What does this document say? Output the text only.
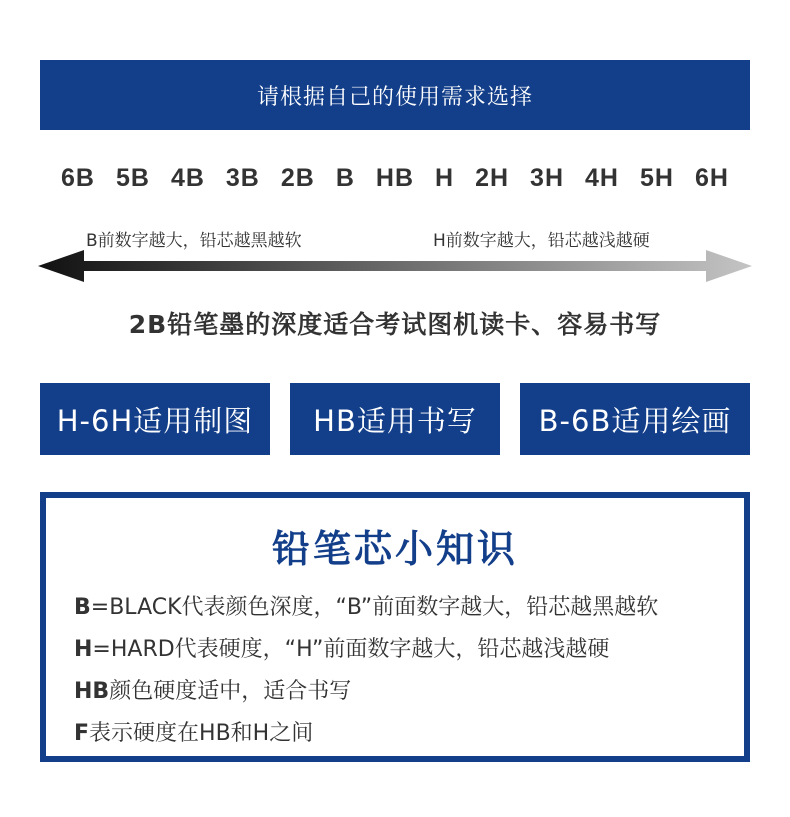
请根据自己的使用需求选择
6B 5B 4B 3B 2B B HB H 2H 3H 4H 5H 6H
B前数字越大，铅芯越黑越软	H前数字越大，铅芯越浅越硬
2B铅笔墨的深度适合考试图机读卡、容易书写
H-6H适用制图 HB适用书写 B-6B适用绘画
铅笔芯小知识
B=BLACK代表颜色深度，“B”前面数字越大，铅芯越黑越软
H=HARD代表硬度，“H”前面数字越大，铅芯越浅越硬
HB颜色硬度适中，适合书写
F表示硬度在HB和H之间
